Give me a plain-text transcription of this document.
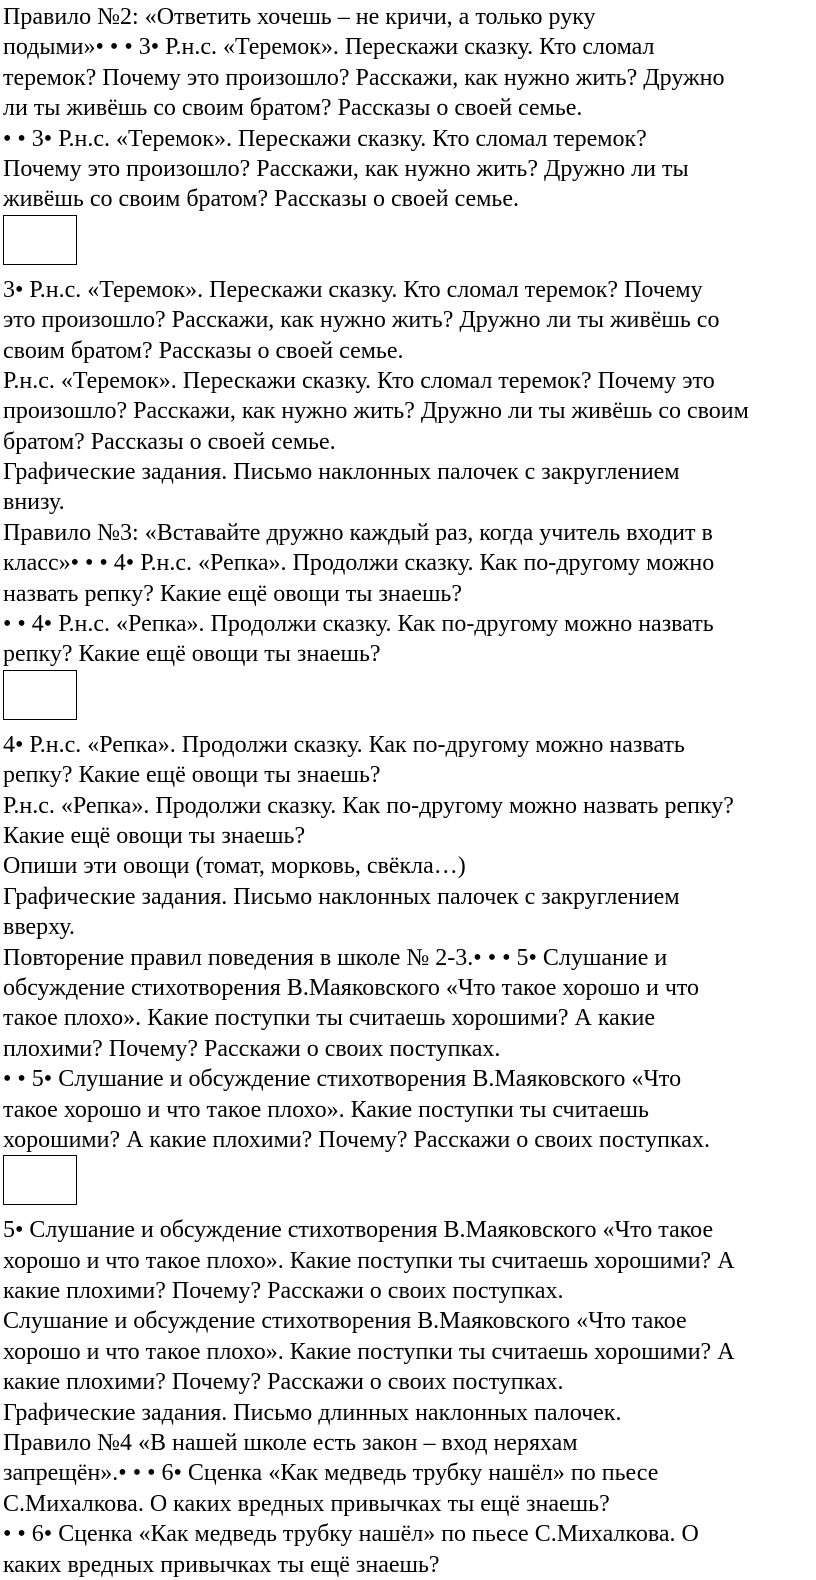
Правило №2: «Ответить хочешь – не кричи, а только руку
подыми»• • • 3• Р.н.с. «Теремок». Перескажи сказку. Кто сломал
теремок? Почему это произошло? Расскажи, как нужно жить? Дружно
ли ты живёшь со своим братом? Рассказы о своей семье.
• • 3• Р.н.с. «Теремок». Перескажи сказку. Кто сломал теремок?
Почему это произошло? Расскажи, как нужно жить? Дружно ли ты
живёшь со своим братом? Рассказы о своей семье.
3• Р.н.с. «Теремок». Перескажи сказку. Кто сломал теремок? Почему
это произошло? Расскажи, как нужно жить? Дружно ли ты живёшь со
своим братом? Рассказы о своей семье.
Р.н.с. «Теремок». Перескажи сказку. Кто сломал теремок? Почему это
произошло? Расскажи, как нужно жить? Дружно ли ты живёшь со своим
братом? Рассказы о своей семье.
Графические задания. Письмо наклонных палочек с закруглением
внизу.
Правило №3: «Вставайте дружно каждый раз, когда учитель входит в
класс»• • • 4• Р.н.с. «Репка». Продолжи сказку. Как по-другому можно
назвать репку? Какие ещё овощи ты знаешь?
• • 4• Р.н.с. «Репка». Продолжи сказку. Как по-другому можно назвать
репку? Какие ещё овощи ты знаешь?
4• Р.н.с. «Репка». Продолжи сказку. Как по-другому можно назвать
репку? Какие ещё овощи ты знаешь?
Р.н.с. «Репка». Продолжи сказку. Как по-другому можно назвать репку?
Какие ещё овощи ты знаешь?
Опиши эти овощи (томат, морковь, свёкла…)
Графические задания. Письмо наклонных палочек с закруглением
вверху.
Повторение правил поведения в школе № 2-3.• • • 5• Слушание и
обсуждение стихотворения В.Маяковского «Что такое хорошо и что
такое плохо». Какие поступки ты считаешь хорошими? А какие
плохими? Почему? Расскажи о своих поступках.
• • 5• Слушание и обсуждение стихотворения В.Маяковского «Что
такое хорошо и что такое плохо». Какие поступки ты считаешь
хорошими? А какие плохими? Почему? Расскажи о своих поступках.
5• Слушание и обсуждение стихотворения В.Маяковского «Что такое
хорошо и что такое плохо». Какие поступки ты считаешь хорошими? А
какие плохими? Почему? Расскажи о своих поступках.
Слушание и обсуждение стихотворения В.Маяковского «Что такое
хорошо и что такое плохо». Какие поступки ты считаешь хорошими? А
какие плохими? Почему? Расскажи о своих поступках.
Графические задания. Письмо длинных наклонных палочек.
Правило №4 «В нашей школе есть закон – вход неряхам
запрещён».• • • 6• Сценка «Как медведь трубку нашёл» по пьесе
С.Михалкова. О каких вредных привычках ты ещё знаешь?
• • 6• Сценка «Как медведь трубку нашёл» по пьесе С.Михалкова. О
каких вредных привычках ты ещё знаешь?
